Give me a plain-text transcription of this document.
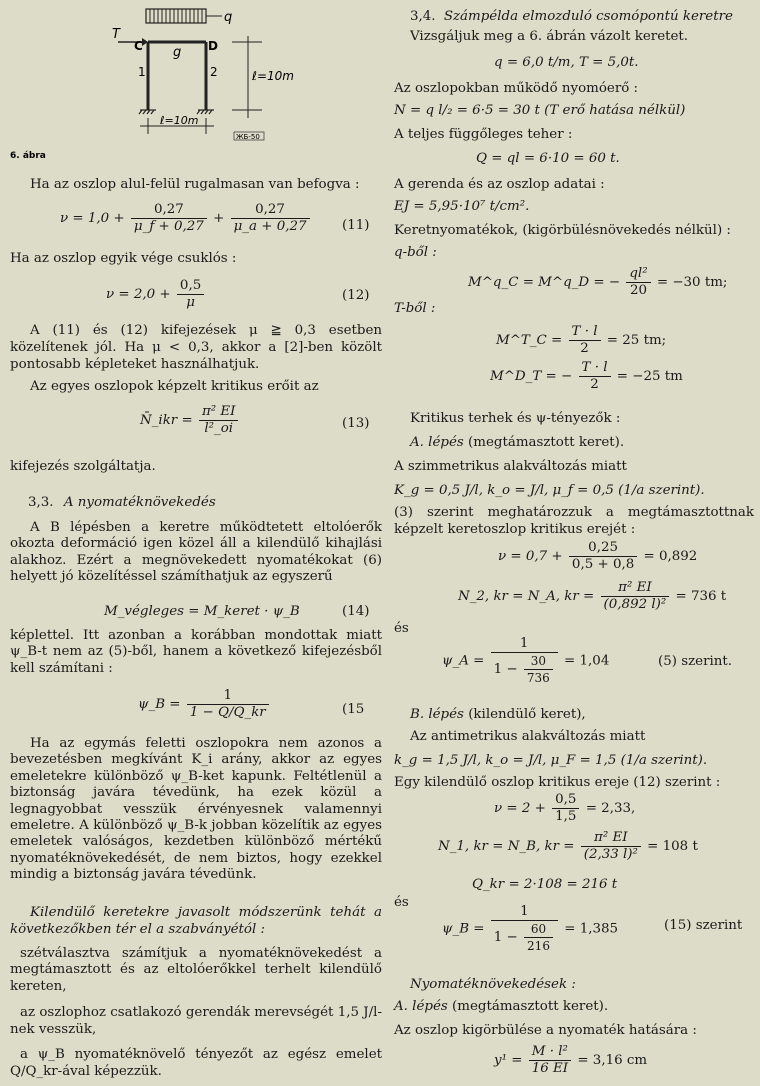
q
T
C	D
g
1	2	ℓ=10m
ℓ=10m
ЖБ-50
6. ábra

Ha az oszlop alul-felül rugalmasan van befogva :

$\nu = 1,0 + \frac{0,27}{\mu\_f + 0,27} + \frac{0,27}{\mu\_a + 0,27} (11)$

Ha az oszlop egyik vége csuklós :

$\nu = 2,0 + \frac{0,5}{\mu}$	(12)

A (11) és (12) kifejezések μ ≧ 0,3 esetben közelítenek jól. Ha μ < 0,3, akkor a [2]-ben közölt pontosabb képleteket használhatjuk.

Az egyes oszlopok képzelt kritikus erőit az

N̄_ikr = $\frac{\text{π² EI}}{\text{l²\_oi}}$	(13)

kifejezés szolgáltatja.

3,3. A nyomatéknövekedés

A B lépésben a keretre működtetett eltolóerők okozta deformáció igen közel áll a kilendülő kihajlási alakhoz. Ezért a megnövekedett nyomatékokat (6) helyett jó közelítéssel számíthatjuk az egyszerű

M_végleges = M_keret · ψ_B	(14)

képlettel. Itt azonban a korábban mondottak miatt ψ_B-t nem az (5)-ből, hanem a következő kifejezésből kell számítani :

ψ_B = $\frac{1}{1 - Q/Q\_kr}$	(15

Ha az egymás feletti oszlopokra nem azonos a bevezetésben megkívánt K_i arány, akkor az egyes emeletekre különböző ψ_B-ket kapunk. Feltétlenül a biztonság javára tévedünk, ha ezek közül a legnagyobbat vesszük érvényesnek valamennyi emeletre. A különböző ψ_B-k jobban közelítik az egyes emeletek valóságos, kezdetben különböző mértékű nyomatéknövekedését, de nem biztos, hogy ezekkel mindig a biztonság javára tévedünk.

Kilendülő keretekre javasolt módszerünk tehát a következőkben tér el a szabványétól :

szétválasztva számítjuk a nyomatéknövekedést a megtámasztott és az eltolóerőkkel terhelt kilendülő kereten,

az oszlophoz csatlakozó gerendák merevségét 1,5 J/l-nek vesszük,

a ψ_B nyomatéknövelő tényezőt az egész emelet Q/Q_kr-ával képezzük.

3,4. Számpélda elmozduló csomópontú keretre

Vizsgáljuk meg a 6. ábrán vázolt keretet.

q = 6,0 t/m, T = 5,0t.

Az oszlopokban működő nyomóerő :

N = q l/₂ = 6·5 = 30 t (T erő hatása nélkül)

A teljes függőleges teher :

Q = ql = 6·10 = 60 t.

A gerenda és az oszlop adatai :

EJ = 5,95·10⁷ t/cm².

Keretnyomatékok, (kigörbülésnövekedés nélkül) :

q-ből :

M^q_C = M^q_D = − $\frac{\text{ql²}}{20} = -30$ tm;

T-ből :

M^T_C = $\frac{T \cdot l}{2} = 25$ tm;
M^D_T = − $\frac{T \cdot l}{2} = -25$ tm

Kritikus terhek és ψ-tényezők :

A. lépés (megtámasztott keret).

A szimmetrikus alakváltozás miatt

K_g = 0,5 J/l, k_o = J/l, μ_f = 0,5 (1/a szerint).

(3) szerint meghatározzuk a megtámasztottnak képzelt keretoszlop kritikus erejét :

$\nu = 0,7 + \frac{0,25}{0,5 + 0,8} = 0,892$
N_2, kr = N_A, kr = $\frac{\text{π² EI}}{\text{(0,892 l)²}} = 736$ t

és

ψ_A = $\frac{1}{1 - \frac{30}{736}} = 1,04$	(5) szerint.

B. lépés (kilendülő keret),

Az antimetrikus alakváltozás miatt

k_g = 1,5 J/l, k_o = J/l, μ_F = 1,5 (1/a szerint).

Egy kilendülő oszlop kritikus ereje (12) szerint :

$\nu = 2 + \frac{0,5}{1,5} = 2,33$,
N_1, kr = N_B, kr = $\frac{\text{π² EI}}{\text{(2,33 l)²}} = 108$ t

Q_kr = 2·108 = 216 t

és

ψ_B = $\frac{1}{1 - \frac{60}{216}} = 1,385$	(15) szerint

Nyomatéknövekedések :

A. lépés (megtámasztott keret).

Az oszlop kigörbülése a nyomaték hatására :

$y^1 = \frac{\text{M · l²}}{16 EI} = 3,16$ cm
